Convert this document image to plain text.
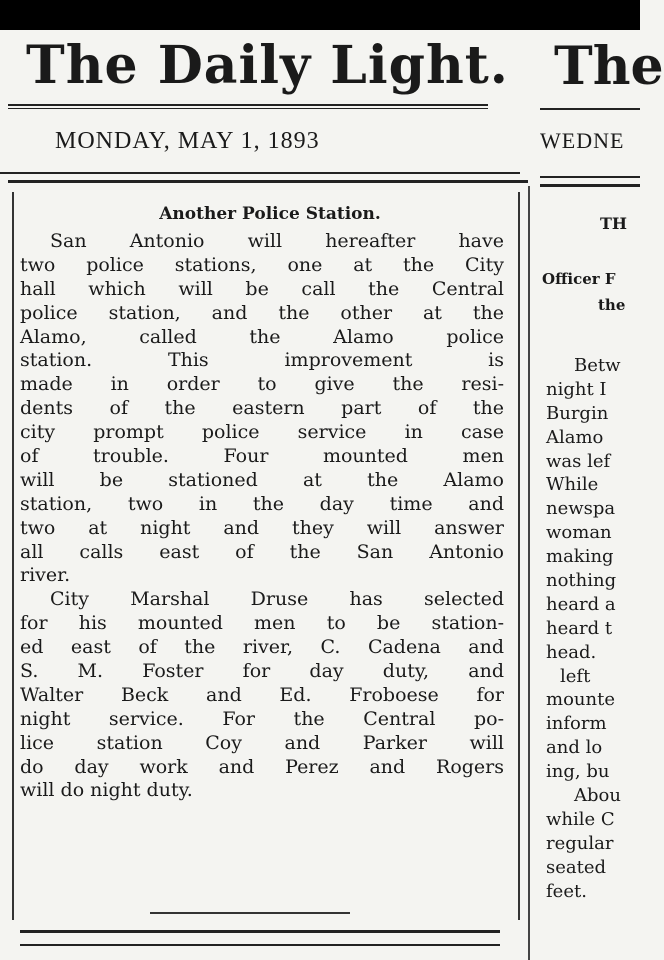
The Daily Light.
MONDAY, MAY 1, 1893
Another Police Station.
San Antonio will hereafter have
two police stations, one at the City
hall which will be call the Central
police station, and the other at the
Alamo, called the Alamo police
station. This improvement is
made in order to give the resi-
dents of the eastern part of the
city prompt police service in case
of trouble. Four mounted men
will be stationed at the Alamo
station, two in the day time and
two at night and they will answer
all calls east of the San Antonio
river.
City Marshal Druse has selected
for his mounted men to be station-
ed east of the river, C. Cadena and
S. M. Foster for day duty, and
Walter Beck and Ed. Froboese for
night service. For the Central po-
lice station Coy and Parker will
do day work and Perez and Rogers
will do night duty.
The
WEDNE
TH
Officer F
the
Betw
night I
Burgin
Alamo
was lef
While
newspa
woman
making
nothing
heard a
heard t
head.
left
mounte
inform
and lo
ing, bu
Abou
while C
regular
seated
feet.
